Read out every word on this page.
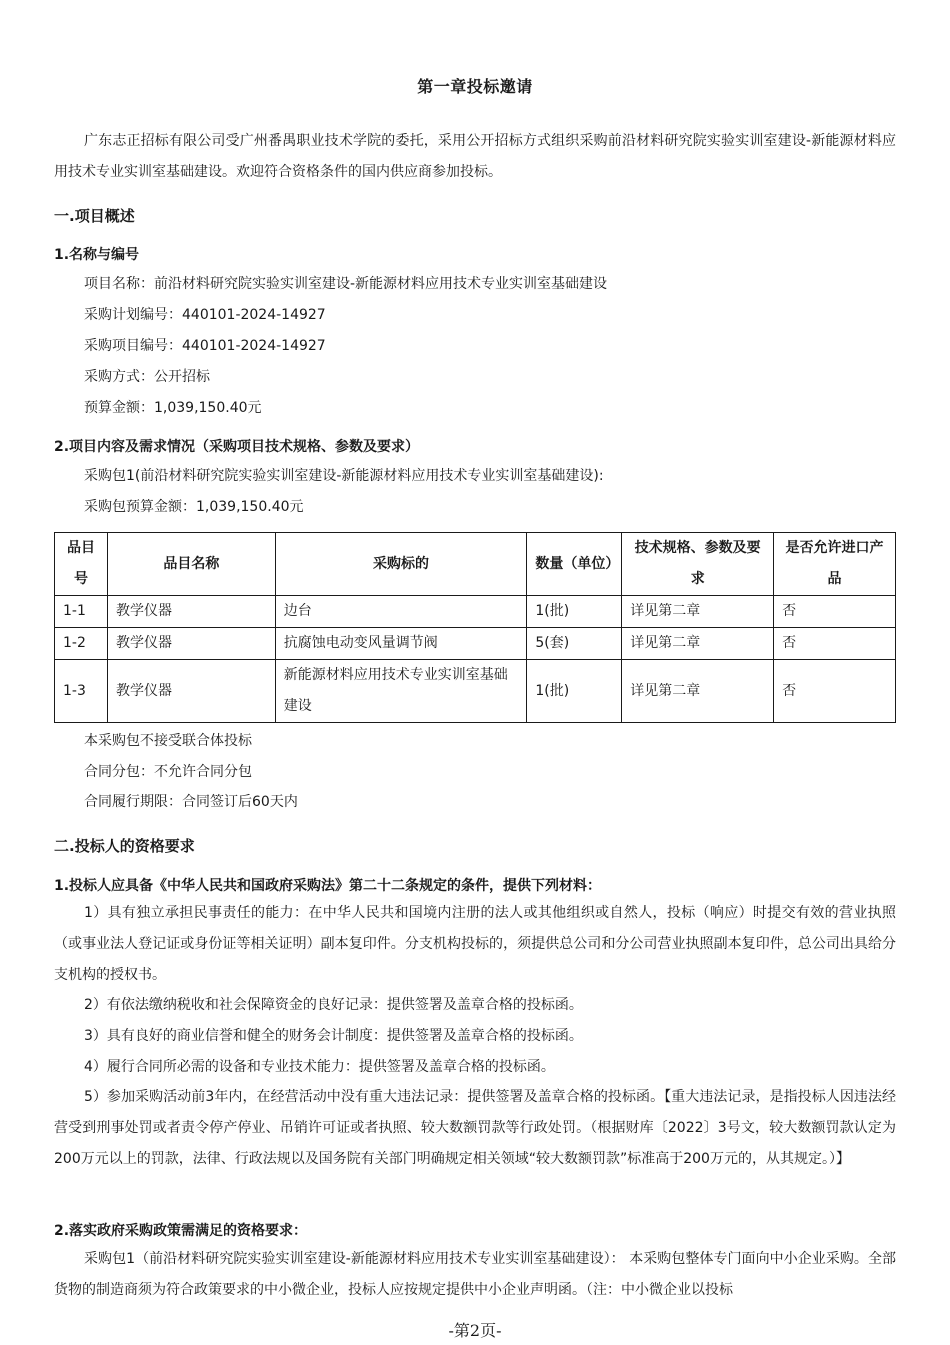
第一章投标邀请

广东志正招标有限公司受广州番禺职业技术学院的委托，采用公开招标方式组织采购前沿材料研究院实验实训室建设-新能源材料应用技术专业实训室基础建设。欢迎符合资格条件的国内供应商参加投标。

一.项目概述
1.名称与编号
项目名称：前沿材料研究院实验实训室建设-新能源材料应用技术专业实训室基础建设
采购计划编号：440101-2024-14927
采购项目编号：440101-2024-14927
采购方式：公开招标
预算金额：1,039,150.40元
2.项目内容及需求情况（采购项目技术规格、参数及要求）
采购包1(前沿材料研究院实验实训室建设-新能源材料应用技术专业实训室基础建设):
采购包预算金额：1,039,150.40元
品目号	品目名称	采购标的	数量（单位）	技术规格、参数及要求	是否允许进口产品
1-1	教学仪器	边台	1(批)	详见第二章	否
1-2	教学仪器	抗腐蚀电动变风量调节阀	5(套)	详见第二章	否
1-3	教学仪器	新能源材料应用技术专业实训室基础建设	1(批)	详见第二章	否
本采购包不接受联合体投标
合同分包：不允许合同分包
合同履行期限：合同签订后60天内
二.投标人的资格要求
1.投标人应具备《中华人民共和国政府采购法》第二十二条规定的条件，提供下列材料：

1）具有独立承担民事责任的能力：在中华人民共和国境内注册的法人或其他组织或自然人，投标（响应）时提交有效的营业执照（或事业法人登记证或身份证等相关证明）副本复印件。分支机构投标的，须提供总公司和分公司营业执照副本复印件，总公司出具给分支机构的授权书。

2）有依法缴纳税收和社会保障资金的良好记录：提供签署及盖章合格的投标函。

3）具有良好的商业信誉和健全的财务会计制度：提供签署及盖章合格的投标函。

4）履行合同所必需的设备和专业技术能力：提供签署及盖章合格的投标函。

5）参加采购活动前3年内，在经营活动中没有重大违法记录：提供签署及盖章合格的投标函。【重大违法记录，是指投标人因违法经营受到刑事处罚或者责令停产停业、吊销许可证或者执照、较大数额罚款等行政处罚。（根据财库〔2022〕3号文，较大数额罚款认定为200万元以上的罚款，法律、行政法规以及国务院有关部门明确规定相关领域“较大数额罚款”标准高于200万元的，从其规定。）】

2.落实政府采购政策需满足的资格要求：

采购包1（前沿材料研究院实验实训室建设-新能源材料应用技术专业实训室基础建设）： 本采购包整体专门面向中小企业采购。全部货物的制造商须为符合政策要求的中小微企业，投标人应按规定提供中小企业声明函。（注：中小微企业以投标

-第2页-
